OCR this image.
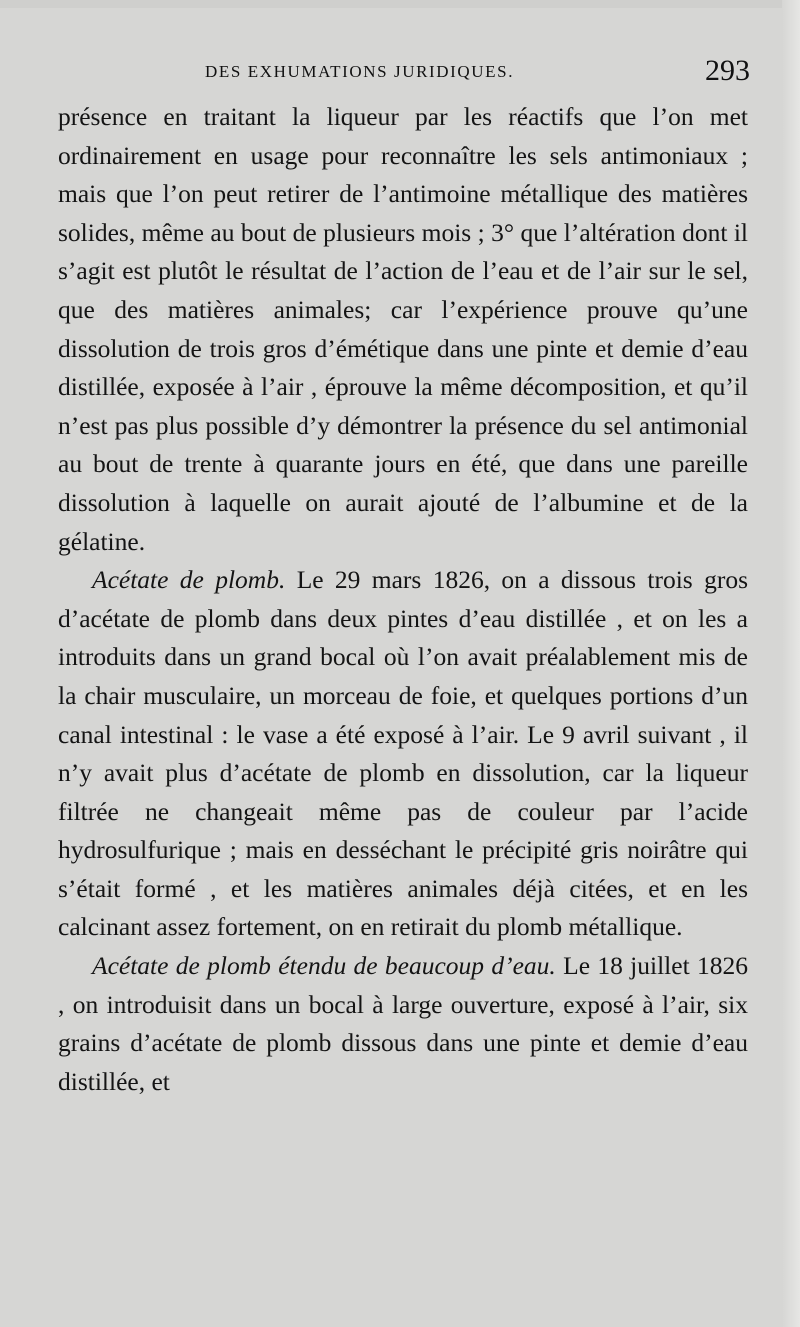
DES EXHUMATIONS JURIDIQUES.	293

présence en traitant la liqueur par les réactifs que l’on met ordinairement en usage pour reconnaître les sels antimoniaux ; mais que l’on peut retirer de l’antimoine métallique des matières solides, même au bout de plusieurs mois ; 3° que l’altération dont il s’agit est plutôt le résultat de l’action de l’eau et de l’air sur le sel, que des matières animales; car l’expérience prouve qu’une dissolution de trois gros d’émétique dans une pinte et demie d’eau distillée, exposée à l’air , éprouve la même décomposition, et qu’il n’est pas plus possible d’y démontrer la présence du sel antimonial au bout de trente à quarante jours en été, que dans une pareille dissolution à laquelle on aurait ajouté de l’albumine et de la gélatine.

Acétate de plomb. Le 29 mars 1826, on a dissous trois gros d’acétate de plomb dans deux pintes d’eau distillée , et on les a introduits dans un grand bocal où l’on avait préalablement mis de la chair musculaire, un morceau de foie, et quelques portions d’un canal intestinal : le vase a été exposé à l’air. Le 9 avril suivant , il n’y avait plus d’acétate de plomb en dissolution, car la liqueur filtrée ne changeait même pas de couleur par l’acide hydrosulfurique ; mais en desséchant le précipité gris noirâtre qui s’était formé , et les matières animales déjà citées, et en les calcinant assez fortement, on en retirait du plomb métallique.

Acétate de plomb étendu de beaucoup d’eau. Le 18 juillet 1826 , on introduisit dans un bocal à large ouverture, exposé à l’air, six grains d’acétate de plomb dissous dans une pinte et demie d’eau distillée, et
